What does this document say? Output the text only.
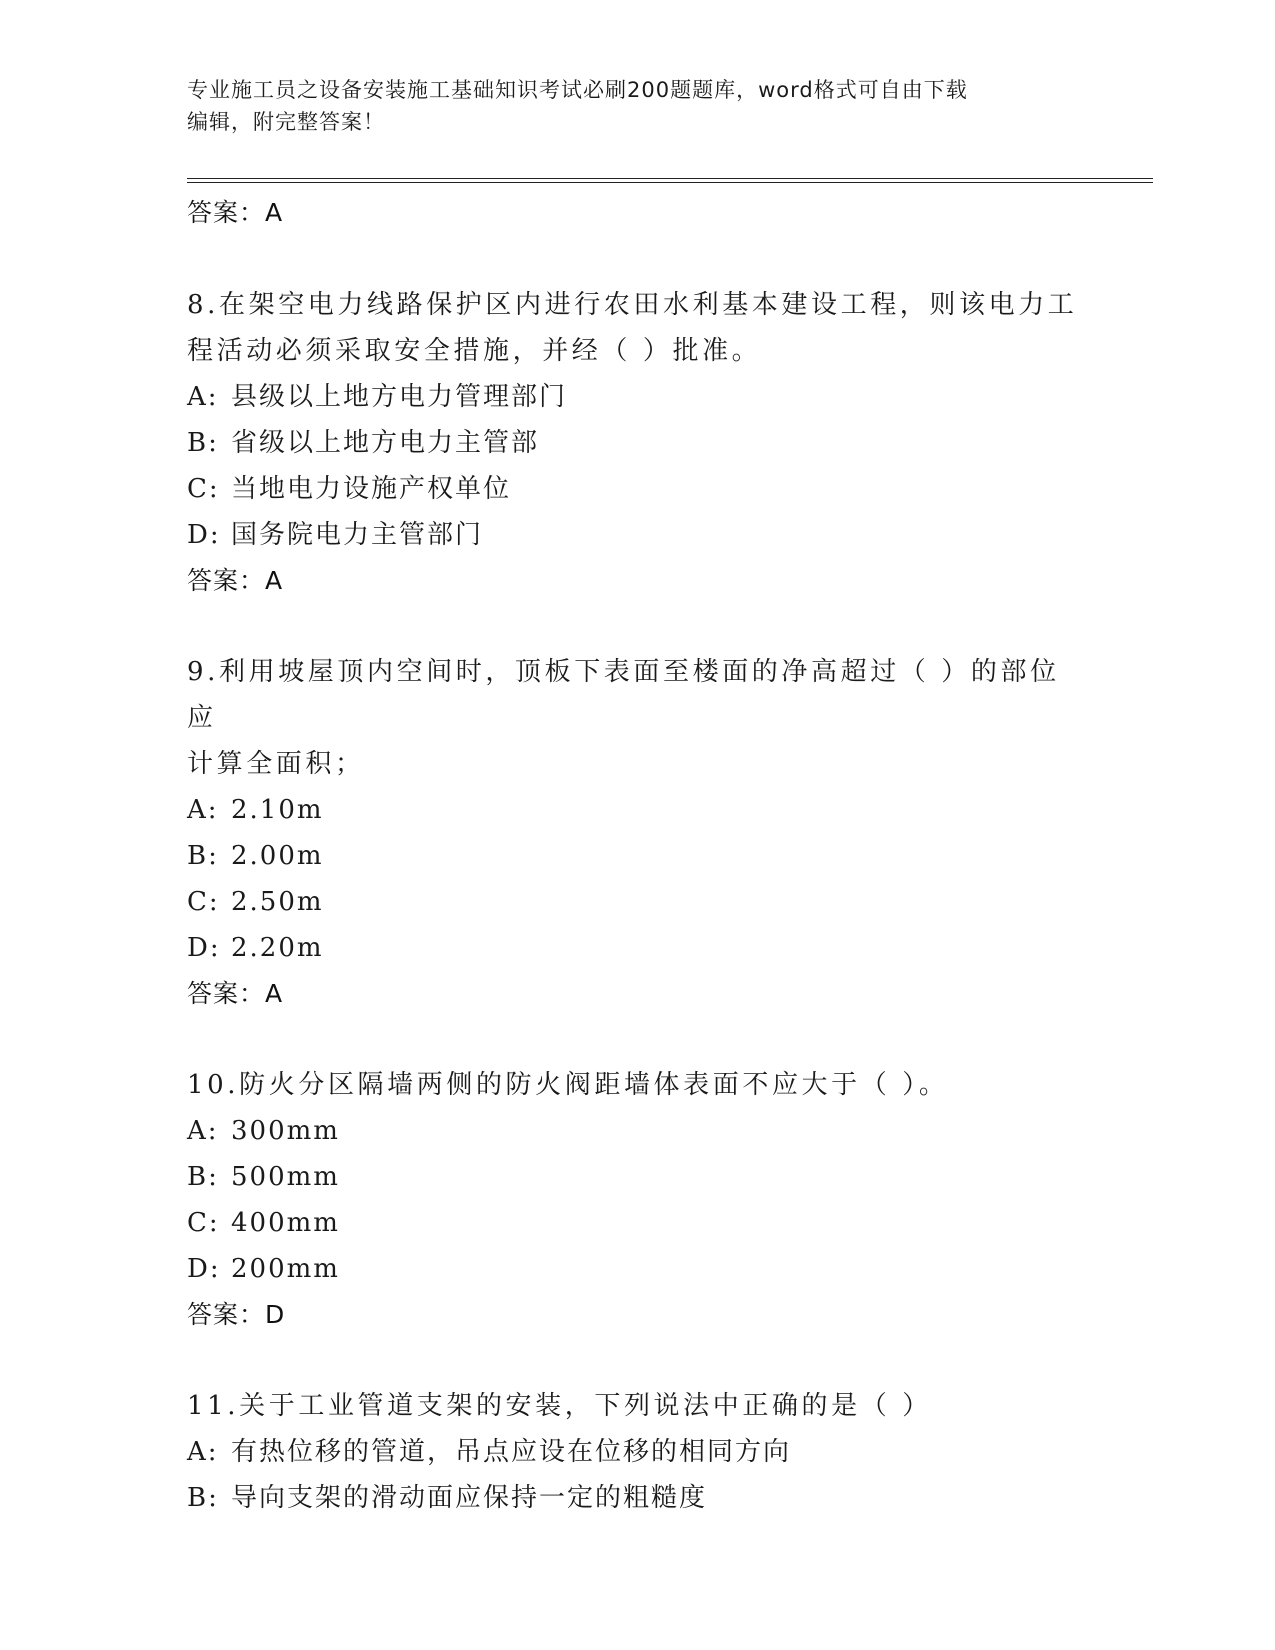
专业施工员之设备安装施工基础知识考试必刷200题题库，word格式可自由下载
编辑，附完整答案！
答案：A
8.在架空电力线路保护区内进行农田水利基本建设工程，则该电力工
程活动必须采取安全措施，并经（ ）批准。
A: 县级以上地方电力管理部门
B: 省级以上地方电力主管部
C: 当地电力设施产权单位
D: 国务院电力主管部门
答案：A
9.利用坡屋顶内空间时，顶板下表面至楼面的净高超过（ ）的部位应
计算全面积；
A: 2.10m
B: 2.00m
C: 2.50m
D: 2.20m
答案：A
10.防火分区隔墙两侧的防火阀距墙体表面不应大于（ ）。
A: 300mm
B: 500mm
C: 400mm
D: 200mm
答案：D
11.关于工业管道支架的安装，下列说法中正确的是（ ）
A: 有热位移的管道，吊点应设在位移的相同方向
B: 导向支架的滑动面应保持一定的粗糙度
